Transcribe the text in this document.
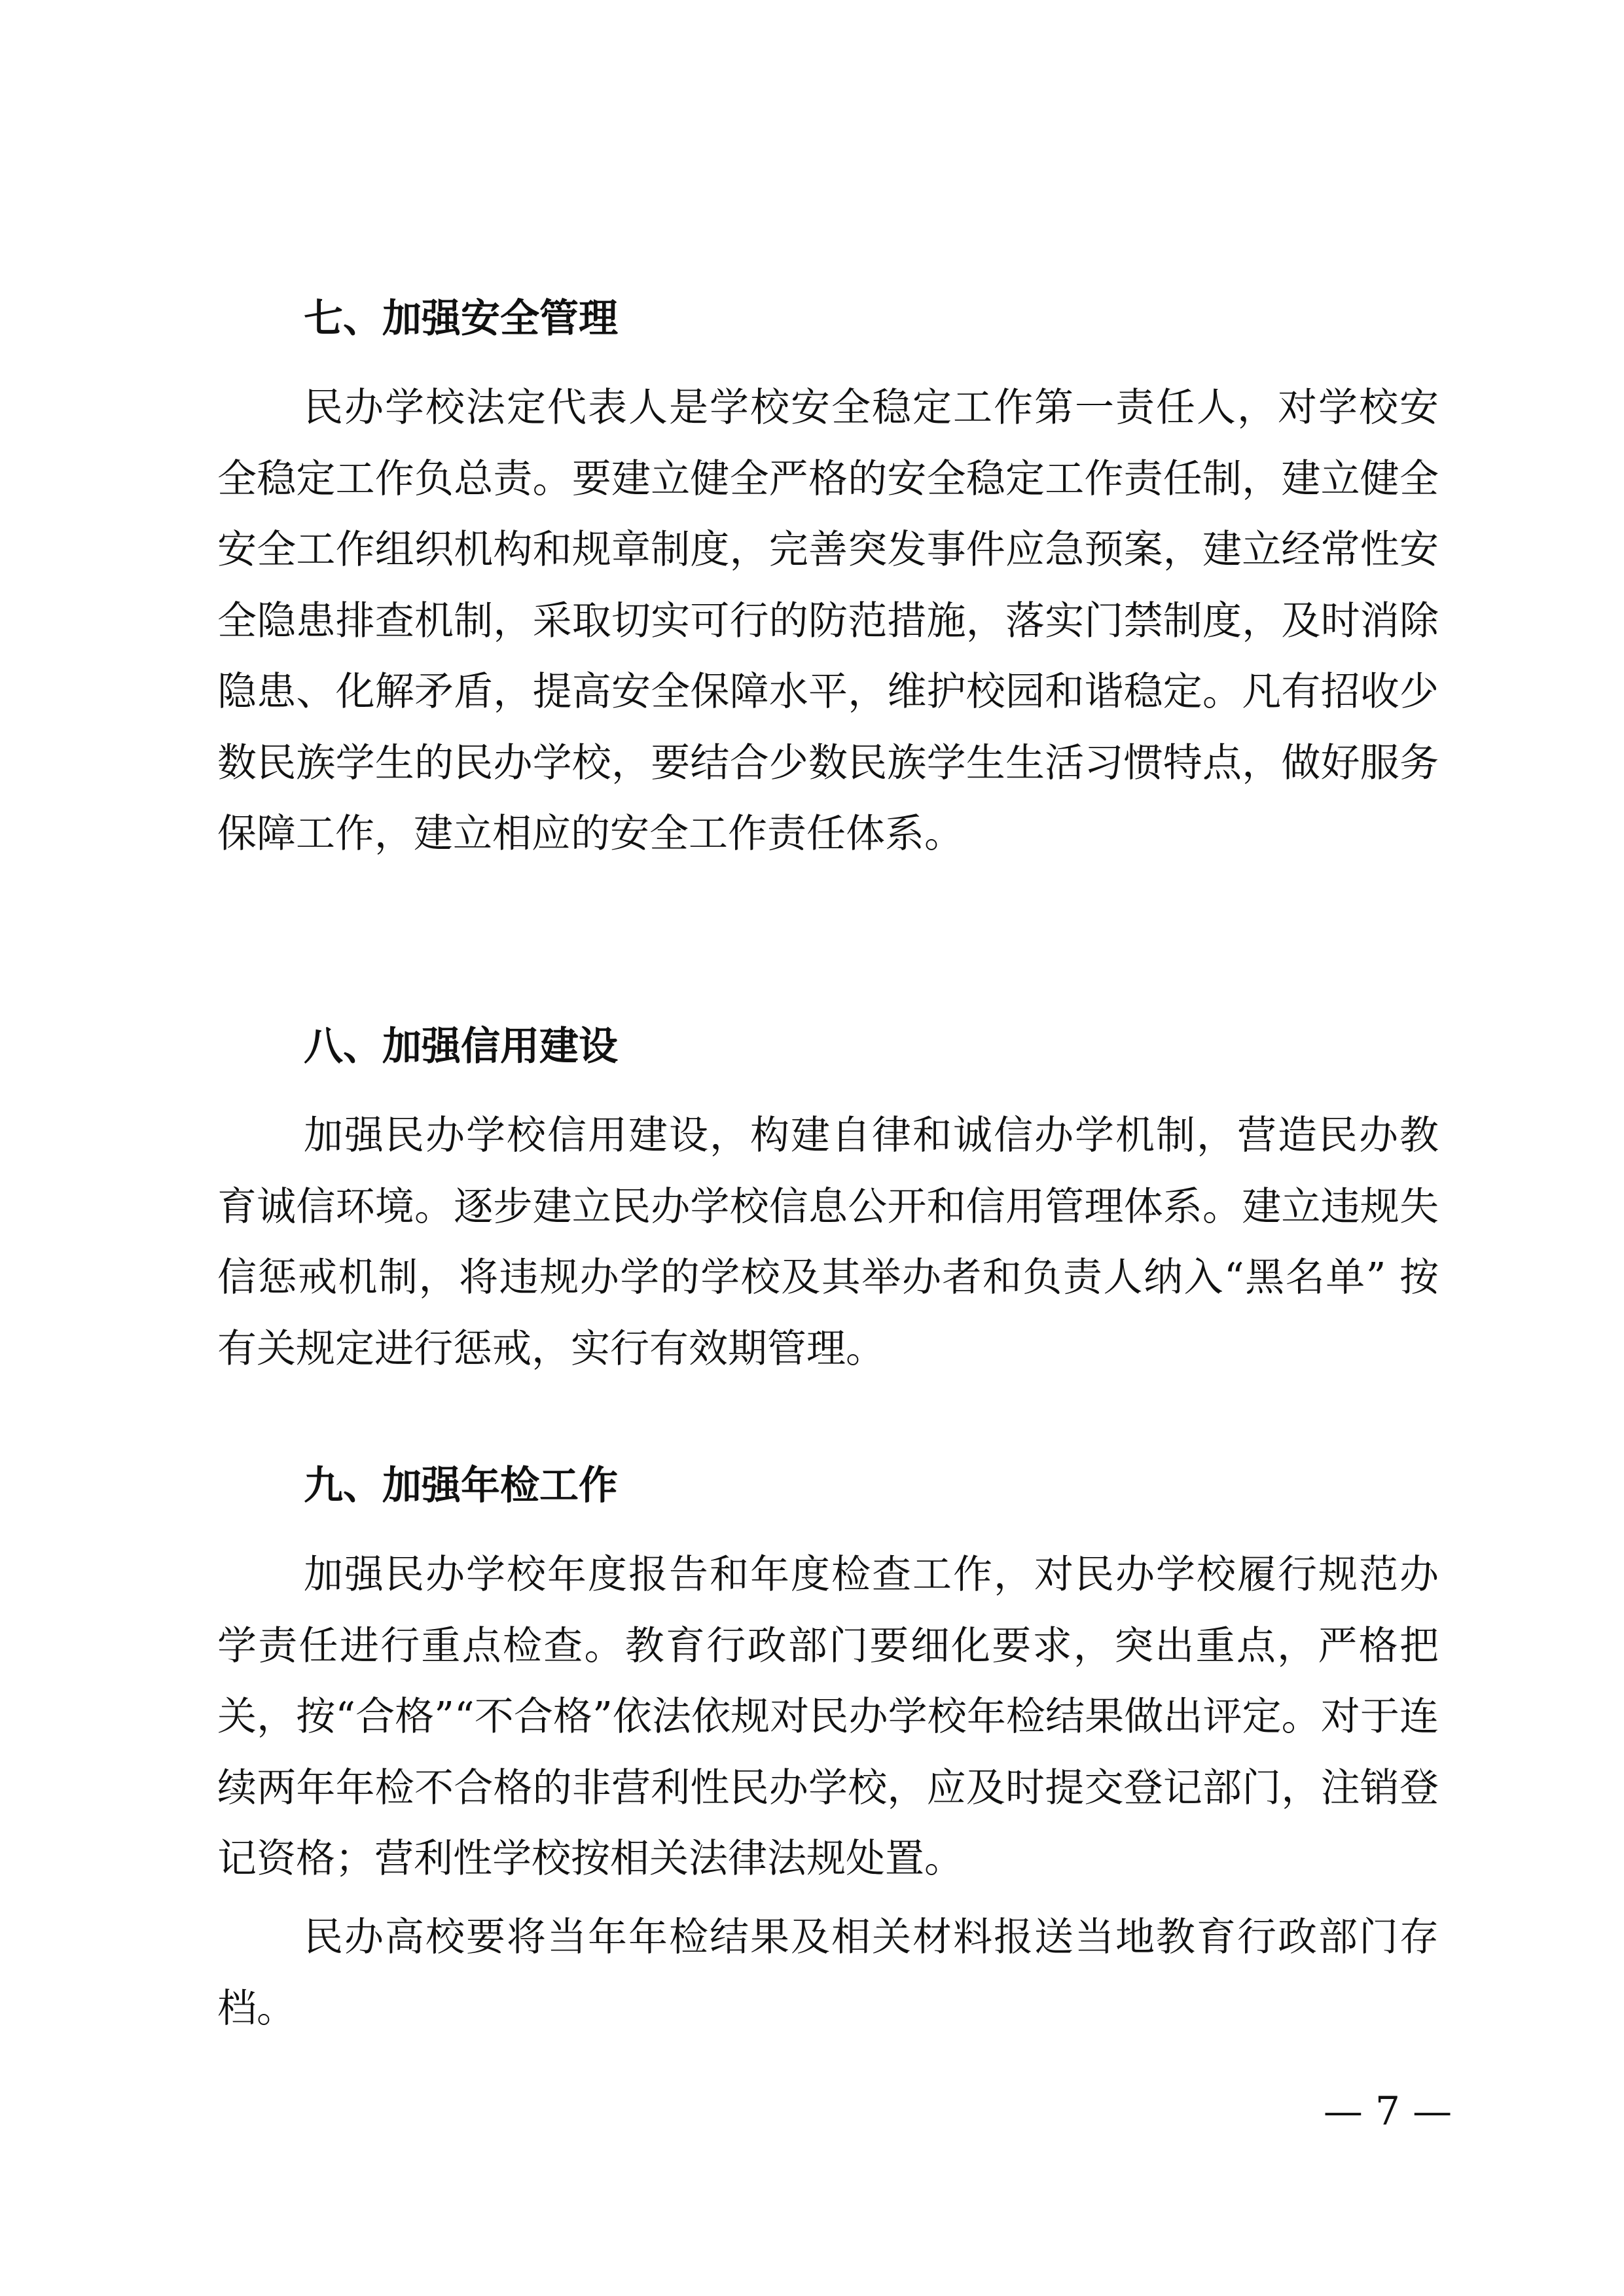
七、加强安全管理

民办学校法定代表人是学校安全稳定工作第一责任人，对学校安全稳定工作负总责。要建立健全严格的安全稳定工作责任制，建立健全安全工作组织机构和规章制度，完善突发事件应急预案，建立经常性安全隐患排查机制，采取切实可行的防范措施，落实门禁制度，及时消除隐患、化解矛盾，提高安全保障水平，维护校园和谐稳定。凡有招收少数民族学生的民办学校，要结合少数民族学生生活习惯特点，做好服务保障工作，建立相应的安全工作责任体系。

八、加强信用建设

加强民办学校信用建设，构建自律和诚信办学机制，营造民办教育诚信环境。逐步建立民办学校信息公开和信用管理体系。建立违规失信惩戒机制，将违规办学的学校及其举办者和负责人纳入“黑名单” 按有关规定进行惩戒，实行有效期管理。

九、加强年检工作

加强民办学校年度报告和年度检查工作，对民办学校履行规范办学责任进行重点检查。教育行政部门要细化要求，突出重点，严格把关，按“合格”“不合格”依法依规对民办学校年检结果做出评定。对于连续两年年检不合格的非营利性民办学校，应及时提交登记部门，注销登记资格；营利性学校按相关法律法规处置。

民办高校要将当年年检结果及相关材料报送当地教育行政部门存档。

— 7 —
